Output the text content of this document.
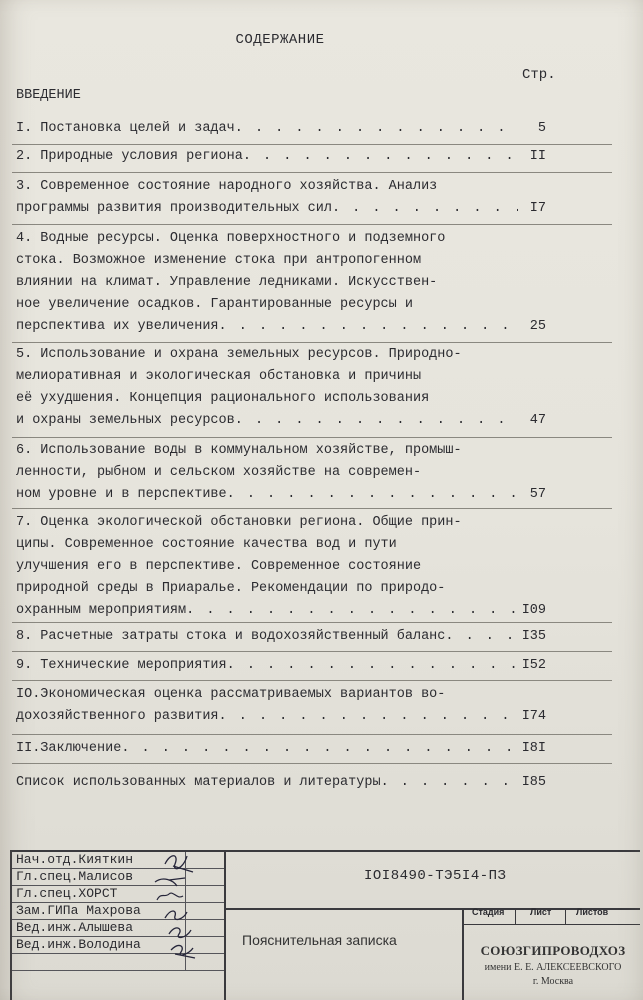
СОДЕРЖАНИЕ
Стр.
ВВЕДЕНИЕ
I. Постановка целей и задач . . .	5
2. Природные условия региона . . .	II
3. Современное состояние народного хозяйства. Анализ
программы развития производительных сил . . .	I7
4. Водные ресурсы. Оценка поверхностного и подземного
стока. Возможное изменение стока при антропогенном
влиянии на климат. Управление ледниками. Искусствен-
ное увеличение осадков. Гарантированные ресурсы и
перспектива их увеличения . . .	25
5. Использование и охрана земельных ресурсов. Природно-
мелиоративная и экологическая обстановка и причины
её ухудшения. Концепция рационального использования
и охраны земельных ресурсов . . .	47
6. Использование воды в коммунальном хозяйстве, промыш-
ленности, рыбном и сельском хозяйстве на современ-
ном уровне и в перспективе . . .	57
7. Оценка экологической обстановки региона. Общие прин-
ципы. Современное состояние качества вод и пути
улучшения его в перспективе. Современное состояние
природной среды в Приаралье. Рекомендации по природо-
охранным мероприятиям . . .	I09
8. Расчетные затраты стока и водохозяйственный баланс . . .	I35
9. Технические мероприятия . . .	I52
IO.Экономическая оценка рассматриваемых вариантов во-
дохозяйственного развития . . .	I74
II.Заключение . . .	I8I
Список использованных материалов и литературы . . .	I85
Нач.отд.Кияткин
Гл.спец.Малисов
Гл.спец.ХОРСТ
Зам.ГИПа Махрова
Вед.инж.Алышева
Вед.инж.Володина
IOI8490-ТЭ5I4-ПЗ
Пояснительная записка
Стадия	Лист	Листов
СОЮЗГИПРОВОДХОЗ
имени Е. Е. АЛЕКСЕЕВСКОГО
г. Москва
